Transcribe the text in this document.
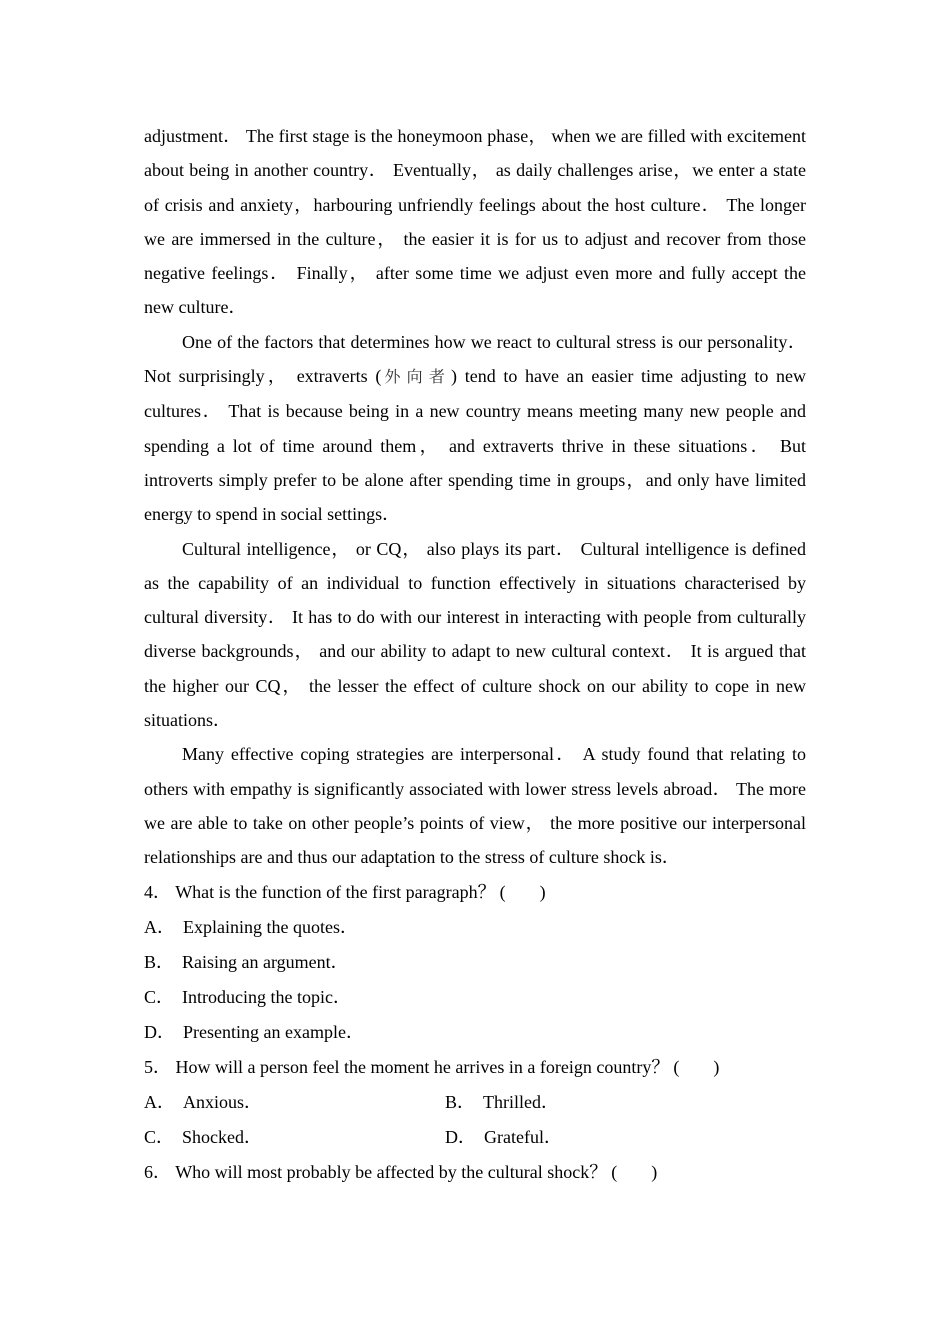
adjustment． The first stage is the honeymoon phase， when we are filled with excitement about being in another country． Eventually， as daily challenges arise，we enter a state of crisis and anxiety，harbouring unfriendly feelings about the host culture． The longer we are immersed in the culture， the easier it is for us to adjust and recover from those negative feelings． Finally， after some time we adjust even more and fully accept the new culture．

One of the factors that determines how we react to cultural stress is our personality． Not surprisingly， extraverts (外向者) tend to have an easier time adjusting to new cultures． That is because being in a new country means meeting many new people and spending a lot of time around them， and extraverts thrive in these situations． But introverts simply prefer to be alone after spending time in groups，and only have limited energy to spend in social settings．

Cultural intelligence， or CQ， also plays its part． Cultural intelligence is defined as the capability of an individual to function effectively in situations characterised by cultural diversity． It has to do with our interest in interacting with people from culturally diverse backgrounds， and our ability to adapt to new cultural context． It is argued that the higher our CQ， the lesser the effect of culture shock on our ability to cope in new situations．

Many effective coping strategies are interpersonal． A study found that relating to others with empathy is significantly associated with lower stress levels abroad． The more we are able to take on other people’s points of view， the more positive our interpersonal relationships are and thus our adaptation to the stress of culture shock is．

4． What is the function of the first paragraph？ ( )

A． Explaining the quotes．

B． Raising an argument．

C． Introducing the topic．

D． Presenting an example．

5． How will a person feel the moment he arrives in a foreign country？ ( )

A． Anxious．	B． Thrilled．
C． Shocked．	D． Grateful．

6． Who will most probably be affected by the cultural shock？ ( )
